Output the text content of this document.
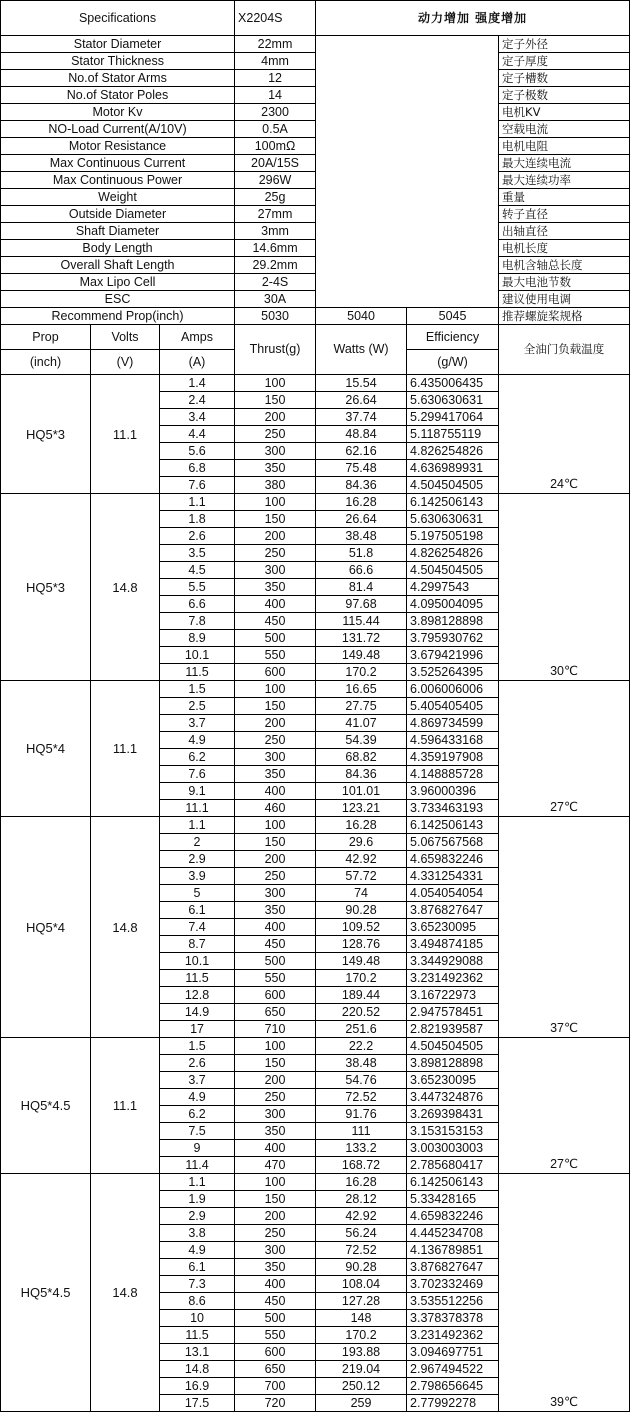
Specifications			X2204S	动力增加 强度增加		
Stator Diameter			22mm			定子外径
Stator Thickness			4mm			定子厚度
No.of Stator Arms			12			定子槽数
No.of Stator Poles			14			定子极数
Motor Kv			2300			电机KV
NO-Load Current(A/10V)			0.5A			空载电流
Motor Resistance			100mΩ			电机电阻
Max Continuous Current			20A/15S			最大连续电流
Max Continuous Power			296W			最大连续功率
Weight			25g			重量
Outside Diameter			27mm			转子直径
Shaft Diameter			3mm			出轴直径
Body Length			14.6mm			电机长度
Overall Shaft Length			29.2mm			电机含轴总长度
Max Lipo Cell			2-4S			最大电池节数
ESC			30A			建议使用电调
Recommend Prop(inch)			5030	5040	5045	推荐螺旋桨规格
Prop	Volts	Amps	Thrust(g)	Watts (W)	Efficiency	全油门负载温度
(inch)	(V)	(A)			(g/W)	
HQ5*3	11.1	1.4	100	15.54	6.435006435	
		2.4	150	26.64	5.630630631	
		3.4	200	37.74	5.299417064	
		4.4	250	48.84	5.118755119	
		5.6	300	62.16	4.826254826	
		6.8	350	75.48	4.636989931	
		7.6	380	84.36	4.504504505	24℃
HQ5*3	14.8	1.1	100	16.28	6.142506143	
		1.8	150	26.64	5.630630631	
		2.6	200	38.48	5.197505198	
		3.5	250	51.8	4.826254826	
		4.5	300	66.6	4.504504505	
		5.5	350	81.4	4.2997543	
		6.6	400	97.68	4.095004095	
		7.8	450	115.44	3.898128898	
		8.9	500	131.72	3.795930762	
		10.1	550	149.48	3.679421996	
		11.5	600	170.2	3.525264395	30℃
HQ5*4	11.1	1.5	100	16.65	6.006006006	
		2.5	150	27.75	5.405405405	
		3.7	200	41.07	4.869734599	
		4.9	250	54.39	4.596433168	
		6.2	300	68.82	4.359197908	
		7.6	350	84.36	4.148885728	
		9.1	400	101.01	3.96000396	
		11.1	460	123.21	3.733463193	27℃
HQ5*4	14.8	1.1	100	16.28	6.142506143	
		2	150	29.6	5.067567568	
		2.9	200	42.92	4.659832246	
		3.9	250	57.72	4.331254331	
		5	300	74	4.054054054	
		6.1	350	90.28	3.876827647	
		7.4	400	109.52	3.65230095	
		8.7	450	128.76	3.494874185	
		10.1	500	149.48	3.344929088	
		11.5	550	170.2	3.231492362	
		12.8	600	189.44	3.16722973	
		14.9	650	220.52	2.947578451	
		17	710	251.6	2.821939587	37℃
HQ5*4.5	11.1	1.5	100	22.2	4.504504505	
		2.6	150	38.48	3.898128898	
		3.7	200	54.76	3.65230095	
		4.9	250	72.52	3.447324876	
		6.2	300	91.76	3.269398431	
		7.5	350	111	3.153153153	
		9	400	133.2	3.003003003	
		11.4	470	168.72	2.785680417	27℃
HQ5*4.5	14.8	1.1	100	16.28	6.142506143	
		1.9	150	28.12	5.33428165	
		2.9	200	42.92	4.659832246	
		3.8	250	56.24	4.445234708	
		4.9	300	72.52	4.136789851	
		6.1	350	90.28	3.876827647	
		7.3	400	108.04	3.702332469	
		8.6	450	127.28	3.535512256	
		10	500	148	3.378378378	
		11.5	550	170.2	3.231492362	
		13.1	600	193.88	3.094697751	
		14.8	650	219.04	2.967494522	
		16.9	700	250.12	2.798656645	
		17.5	720	259	2.77992278	39℃
